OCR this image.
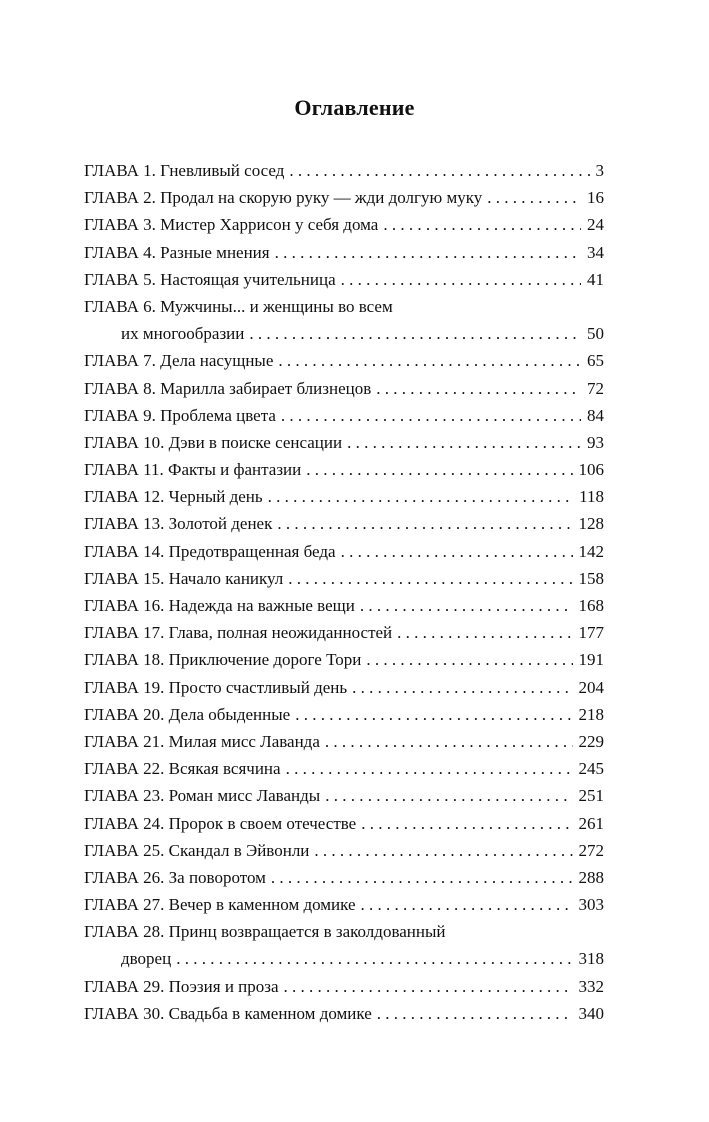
Оглавление
ГЛАВА 1. Гневливый сосед . . .	3
ГЛАВА 2. Продал на скорую руку — жди долгую муку . . .	16
ГЛАВА 3. Мистер Харрисон у себя дома . . .	24
ГЛАВА 4. Разные мнения . . .	34
ГЛАВА 5. Настоящая учительница . . .	41
ГЛАВА 6. Мужчины... и женщины во всем
их многообразии . . .	50
ГЛАВА 7. Дела насущные . . .	65
ГЛАВА 8. Марилла забирает близнецов . . .	72
ГЛАВА 9. Проблема цвета . . .	84
ГЛАВА 10. Дэви в поиске сенсации . . .	93
ГЛАВА 11. Факты и фантазии . . .	106
ГЛАВА 12. Черный день . . .	118
ГЛАВА 13. Золотой денек . . .	128
ГЛАВА 14. Предотвращенная беда . . .	142
ГЛАВА 15. Начало каникул . . .	158
ГЛАВА 16. Надежда на важные вещи . . .	168
ГЛАВА 17. Глава, полная неожиданностей . . .	177
ГЛАВА 18. Приключение дороге Тори . . .	191
ГЛАВА 19. Просто счастливый день . . .	204
ГЛАВА 20. Дела обыденные . . .	218
ГЛАВА 21. Милая мисс Лаванда . . .	229
ГЛАВА 22. Всякая всячина . . .	245
ГЛАВА 23. Роман мисс Лаванды . . .	251
ГЛАВА 24. Пророк в своем отечестве . . .	261
ГЛАВА 25. Скандал в Эйвонли . . .	272
ГЛАВА 26. За поворотом . . .	288
ГЛАВА 27. Вечер в каменном домике . . .	303
ГЛАВА 28. Принц возвращается в заколдованный
дворец . . .	318
ГЛАВА 29. Поэзия и проза . . .	332
ГЛАВА 30. Свадьба в каменном домике . . .	340
